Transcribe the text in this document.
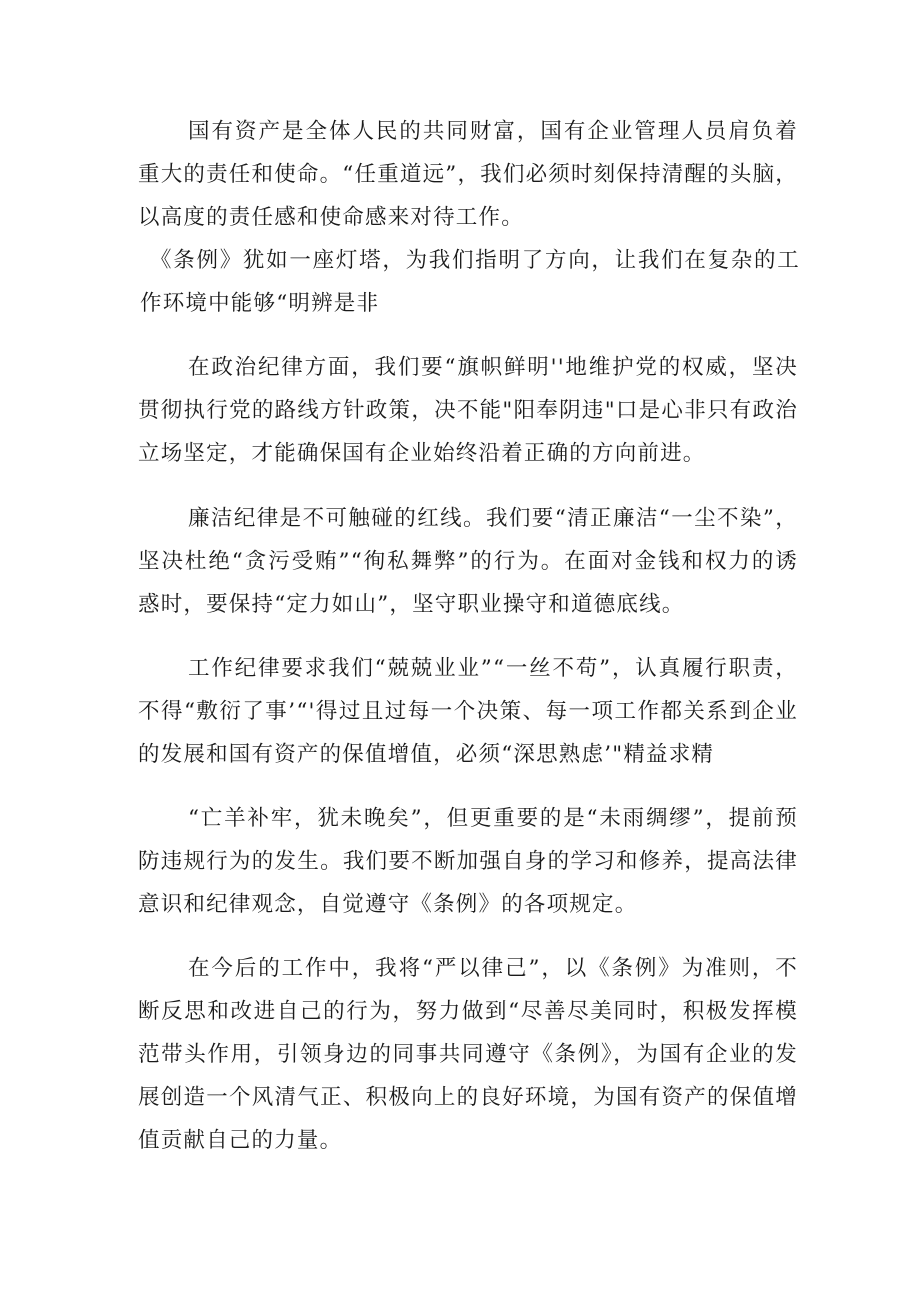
国有资产是全体人民的共同财富，国有企业管理人员肩负着重大的责任和使命。“任重道远”，我们必须时刻保持清醒的头脑，以高度的责任感和使命感来对待工作。

《条例》犹如一座灯塔，为我们指明了方向，让我们在复杂的工作环境中能够“明辨是非

在政治纪律方面，我们要“旗帜鲜明''地维护党的权威，坚决贯彻执行党的路线方针政策，决不能"阳奉阴违"口是心非只有政治立场坚定，才能确保国有企业始终沿着正确的方向前进。

廉洁纪律是不可触碰的红线。我们要“清正廉洁“一尘不染”，坚决杜绝“贪污受贿”“徇私舞弊”的行为。在面对金钱和权力的诱惑时，要保持“定力如山”，坚守职业操守和道德底线。

工作纪律要求我们“兢兢业业”“一丝不苟”，认真履行职责，不得“敷衍了事’“'得过且过每一个决策、每一项工作都关系到企业的发展和国有资产的保值增值，必须“深思熟虑’"精益求精

“亡羊补牢，犹未晚矣”，但更重要的是“未雨绸缪”，提前预防违规行为的发生。我们要不断加强自身的学习和修养，提高法律意识和纪律观念，自觉遵守《条例》的各项规定。

在今后的工作中，我将“严以律己”，以《条例》为准则，不断反思和改进自己的行为，努力做到“尽善尽美同时，积极发挥模范带头作用，引领身边的同事共同遵守《条例》，为国有企业的发展创造一个风清气正、积极向上的良好环境，为国有资产的保值增值贡献自己的力量。
